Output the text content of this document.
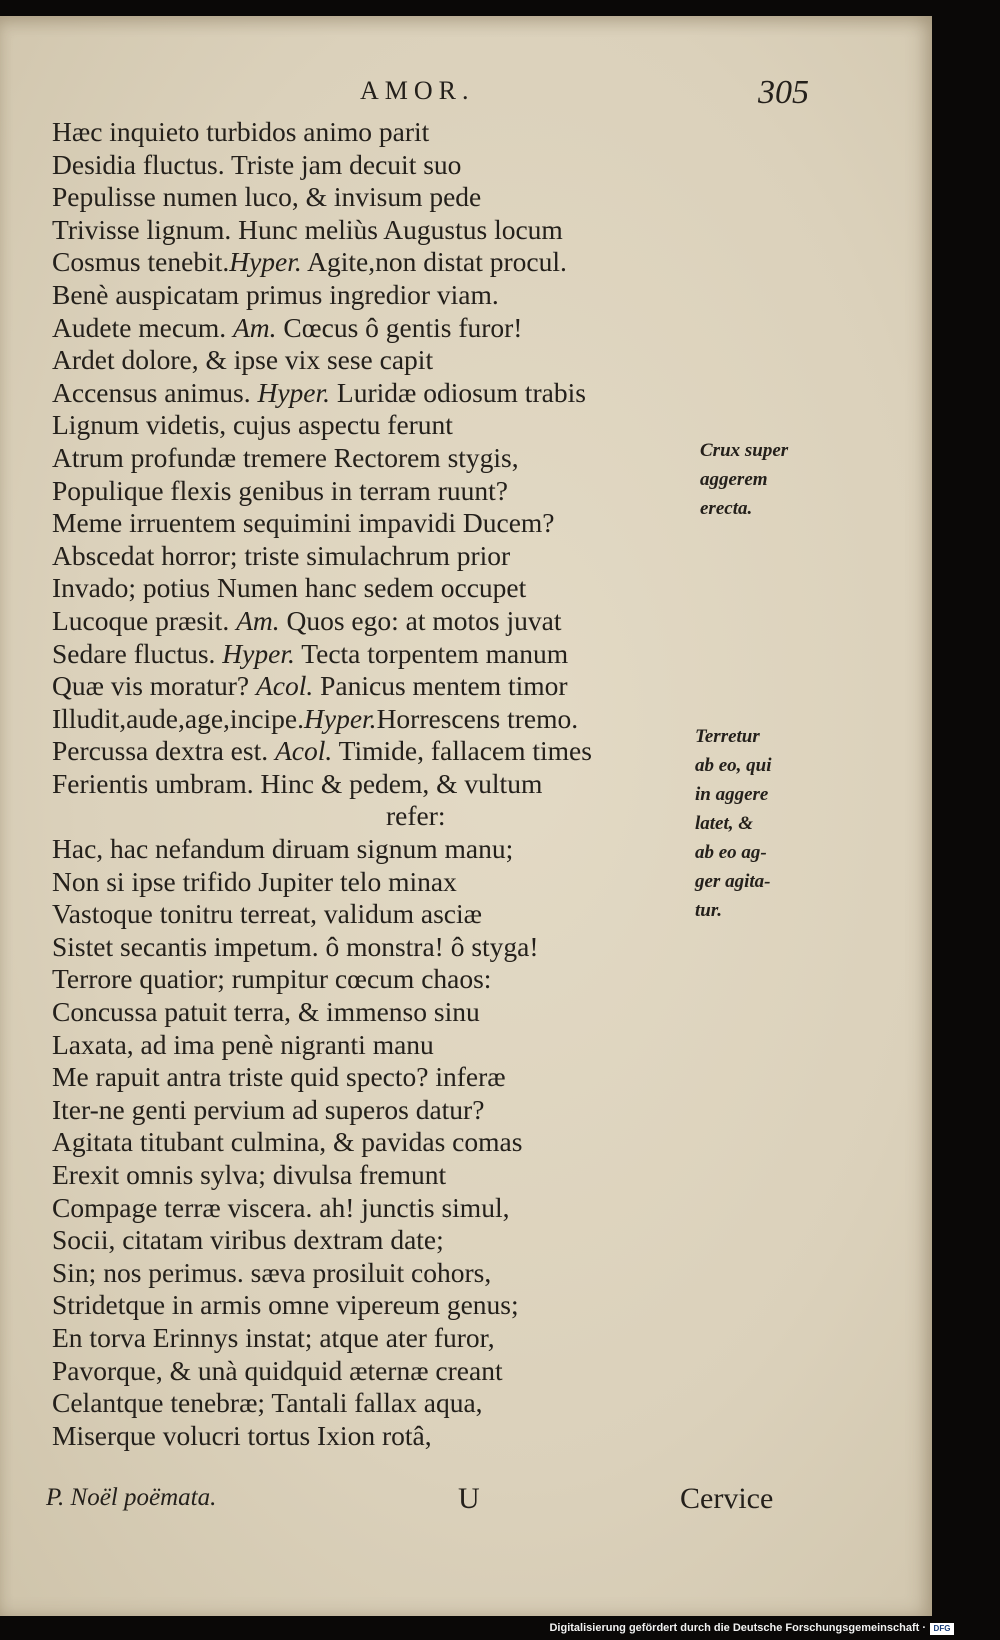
AMOR.	305
Hæc inquieto turbidos animo parit
Desidia fluctus. Triste jam decuit suo
Pepulisse numen luco, & invisum pede
Trivisse lignum. Hunc meliùs Augustus locum
Cosmus tenebit.Hyper. Agite,non distat procul.
Benè auspicatam primus ingredior viam.
Audete mecum. Am. Cœcus ô gentis furor!
Ardet dolore, & ipse vix sese capit
Accensus animus. Hyper. Luridæ odiosum trabis
Lignum videtis, cujus aspectu ferunt
Atrum profundæ tremere Rectorem stygis,
Populique flexis genibus in terram ruunt?
Meme irruentem sequimini impavidi Ducem?
Abscedat horror; triste simulachrum prior
Invado; potius Numen hanc sedem occupet
Lucoque præsit. Am. Quos ego: at motos juvat
Sedare fluctus. Hyper. Tecta torpentem manum
Quæ vis moratur? Acol. Panicus mentem timor
Illudit,aude,age,incipe.Hyper.Horrescens tremo.
Percussa dextra est. Acol. Timide, fallacem times
Ferientis umbram. Hinc & pedem, & vultum
refer:
Hac, hac nefandum diruam signum manu;
Non si ipse trifido Jupiter telo minax
Vastoque tonitru terreat, validum asciæ
Sistet secantis impetum. ô monstra! ô styga!
Terrore quatior; rumpitur cœcum chaos:
Concussa patuit terra, & immenso sinu
Laxata, ad ima penè nigranti manu
Me rapuit antra triste quid specto? inferæ
Iter-ne genti pervium ad superos datur?
Agitata titubant culmina, & pavidas comas
Erexit omnis sylva; divulsa fremunt
Compage terræ viscera. ah! junctis simul,
Socii, citatam viribus dextram date;
Sin; nos perimus. sæva prosiluit cohors,
Stridetque in armis omne vipereum genus;
En torva Erinnys instat; atque ater furor,
Pavorque, & unà quidquid æternæ creant
Celantque tenebræ; Tantali fallax aqua,
Miserque volucri tortus Ixion rotâ,
Crux super
aggerem
erecta.
Terretur
ab eo, qui
in aggere
latet, &
ab eo ag-
ger agita-
tur.
P. Noël poëmata.	U	Cervice
Digitalisierung gefördert durch die Deutsche Forschungsgemeinschaft · DFG
